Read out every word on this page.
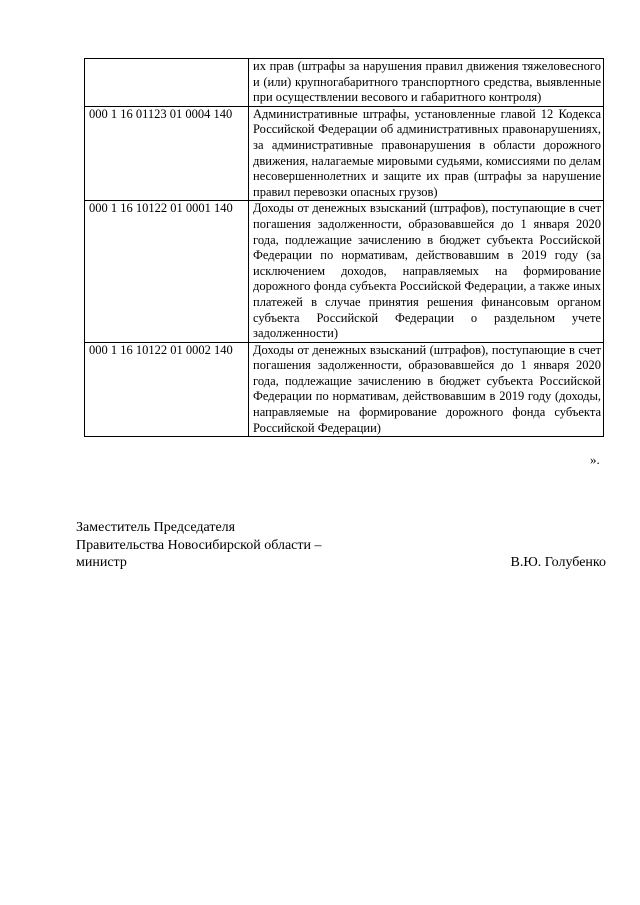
	их прав (штрафы за нарушения правил движения тяжеловесного и (или) крупногабаритного транспортного средства, выявленные при осуществлении весового и габаритного контроля)
000 1 16 01123 01 0004 140	Административные штрафы, установленные главой 12 Кодекса Российской Федерации об административных правонарушениях, за административные правонарушения в области дорожного движения, налагаемые мировыми судьями, комиссиями по делам несовершеннолетних и защите их прав (штрафы за нарушение правил перевозки опасных грузов)
000 1 16 10122 01 0001 140	Доходы от денежных взысканий (штрафов), поступающие в счет погашения задолженности, образовавшейся до 1 января 2020 года, подлежащие зачислению в бюджет субъекта Российской Федерации по нормативам, действовавшим в 2019 году (за исключением доходов, направляемых на формирование дорожного фонда субъекта Российской Федерации, а также иных платежей в случае принятия решения финансовым органом субъекта Российской Федерации о раздельном учете задолженности)
000 1 16 10122 01 0002 140	Доходы от денежных взысканий (штрафов), поступающие в счет погашения задолженности, образовавшейся до 1 января 2020 года, подлежащие зачислению в бюджет субъекта Российской Федерации по нормативам, действовавшим в 2019 году (доходы, направляемые на формирование дорожного фонда субъекта Российской Федерации)
».
Заместитель Председателя
Правительства Новосибирской области –
министр	В.Ю. Голубенко
